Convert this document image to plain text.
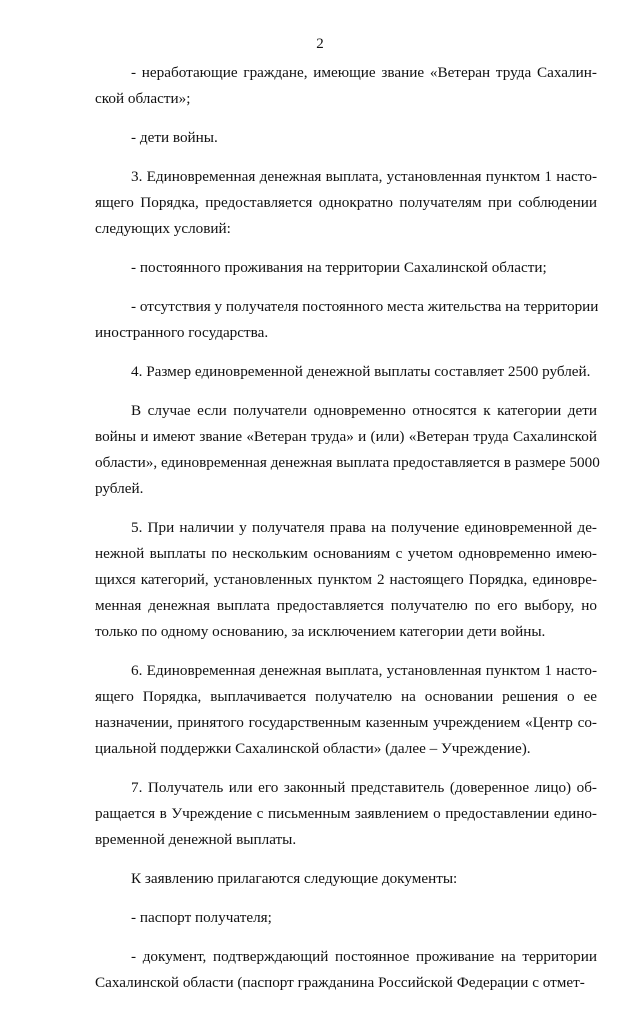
2

- неработающие граждане, имеющие звание «Ветеран труда Сахалин-
ской области»;

- дети войны.

3. Единовременная денежная выплата, установленная пунктом 1 насто-
ящего Порядка, предоставляется однократно получателям при соблюдении
следующих условий:

- постоянного проживания на территории Сахалинской области;

- отсутствия у получателя постоянного места жительства на территории
иностранного государства.

4. Размер единовременной денежной выплаты составляет 2500 рублей.

В случае если получатели одновременно относятся к категории дети
войны и имеют звание «Ветеран труда» и (или) «Ветеран труда Сахалинской
области», единовременная денежная выплата предоставляется в размере 5000
рублей.

5. При наличии у получателя права на получение единовременной де-
нежной выплаты по нескольким основаниям с учетом одновременно имею-
щихся категорий, установленных пунктом 2 настоящего Порядка, единовре-
менная денежная выплата предоставляется получателю по его выбору, но
только по одному основанию, за исключением категории дети войны.

6. Единовременная денежная выплата, установленная пунктом 1 насто-
ящего Порядка, выплачивается получателю на основании решения о ее
назначении, принятого государственным казенным учреждением «Центр со-
циальной поддержки Сахалинской области» (далее – Учреждение).

7. Получатель или его законный представитель (доверенное лицо) об-
ращается в Учреждение с письменным заявлением о предоставлении едино-
временной денежной выплаты.

К заявлению прилагаются следующие документы:

- паспорт получателя;

- документ, подтверждающий постоянное проживание на территории
Сахалинской области (паспорт гражданина Российской Федерации с отмет-
